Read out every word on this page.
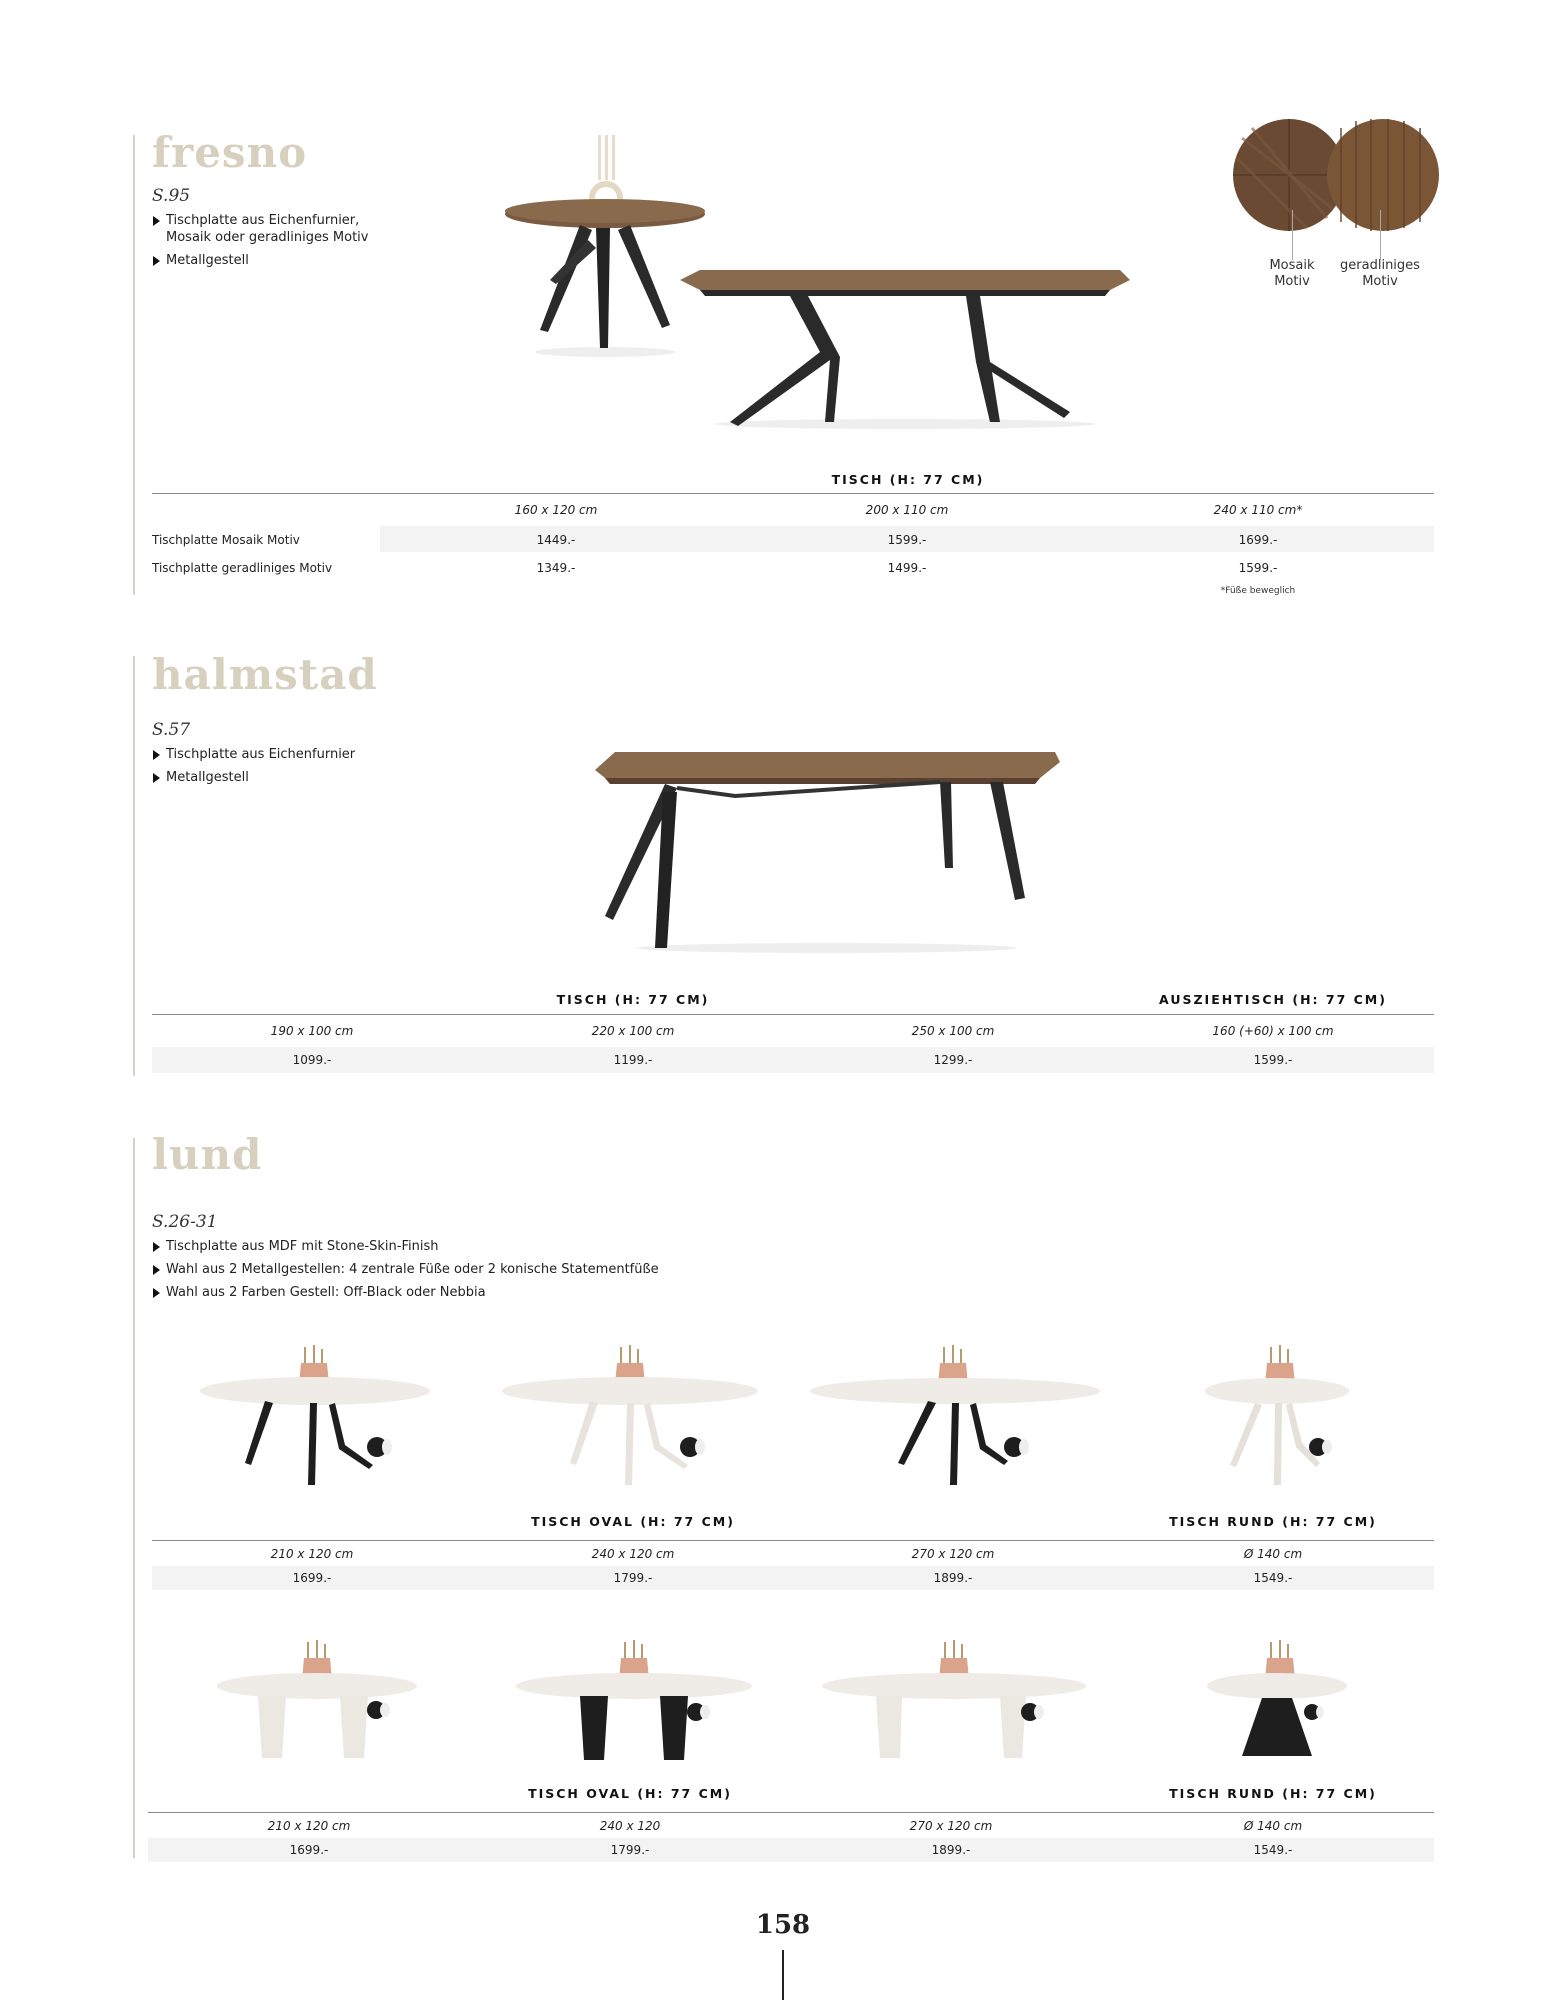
fresno
S.95
Tischplatte aus Eichenfurnier, Mosaik oder geradliniges Motiv
Metallgestell	Mosaik Motiv
geradliniges Motiv
TISCH (H: 77 CM)
160 x 120 cm	200 x 110 cm	240 x 110 cm*
Tischplatte Mosaik Motiv	1449.-	1599.-	1699.-
Tischplatte geradliniges Motiv	1349.-	1499.-	1599.-
*Füße beweglich
halmstad
S.57
Tischplatte aus Eichenfurnier
Metallgestell
TISCH (H: 77 CM)	AUSZIEHTISCH (H: 77 CM)
190 x 100 cm	220 x 100 cm	250 x 100 cm	160 (+60) x 100 cm
1099.-	1199.-	1299.-	1599.-
lund
S.26-31
Tischplatte aus MDF mit Stone-Skin-Finish
Wahl aus 2 Metallgestellen: 4 zentrale Füße oder 2 konische Statementfüße
Wahl aus 2 Farben Gestell: Off-Black oder Nebbia
TISCH OVAL (H: 77 CM)	TISCH RUND (H: 77 CM)
210 x 120 cm	240 x 120 cm	270 x 120 cm	Ø 140 cm
1699.-	1799.-	1899.-	1549.-
TISCH OVAL (H: 77 CM)	TISCH RUND (H: 77 CM)
210 x 120 cm	240 x 120	270 x 120 cm	Ø 140 cm
1699.-	1799.-	1899.-	1549.-
158
